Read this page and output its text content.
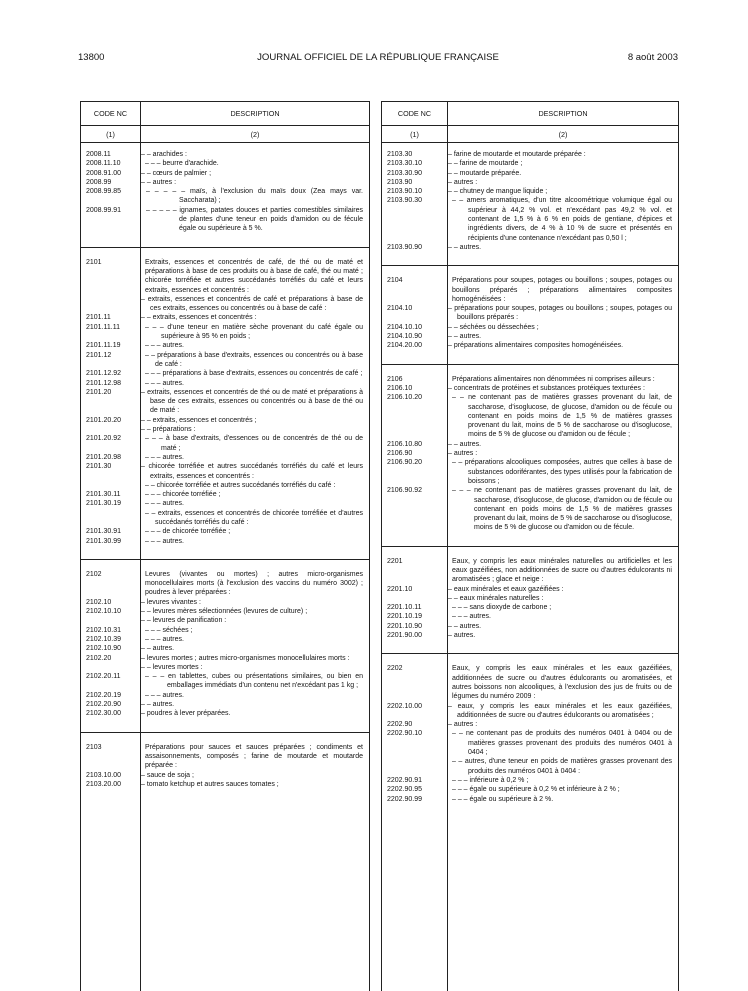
13800	JOURNAL OFFICIEL DE LA RÉPUBLIQUE FRANÇAISE	8 août 2003
CODE NC	DESCRIPTION
(1)	(2)
2008.11	– – arachides :
2008.11.10	– – – beurre d'arachide.
2008.91.00	– – cœurs de palmier ;
2008.99	– – autres :
2008.99.85	– – – – – maïs, à l'exclusion du maïs doux (Zea mays var. Saccharata) ;
2008.99.91	– – – – – ignames, patates douces et parties comestibles similaires de plantes d'une teneur en poids d'amidon ou de fécule égale ou supérieure à 5 %.
2101	Extraits, essences et concentrés de café, de thé ou de maté et préparations à base de ces produits ou à base de café, thé ou maté ; chicorée torréfiée et autres succédanés torréfiés du café et leurs extraits, essences et concentrés :
– extraits, essences et concentrés de café et préparations à base de ces extraits, essences ou concentrés ou à base de café :
2101.11	– – extraits, essences et concentrés :
2101.11.11	– – – d'une teneur en matière sèche provenant du café égale ou supérieure à 95 % en poids ;
2101.11.19	– – – autres.
2101.12	– – préparations à base d'extraits, essences ou concentrés ou à base de café :
2101.12.92	– – – préparations à base d'extraits, essences ou concentrés de café ;
2101.12.98	– – – autres.
2101.20	– extraits, essences et concentrés de thé ou de maté et préparations à base de ces extraits, essences ou concentrés ou à base de thé ou de maté :
2101.20.20	– – extraits, essences et concentrés ;
– – préparations :
2101.20.92	– – – à base d'extraits, d'essences ou de concentrés de thé ou de maté ;
2101.20.98	– – – autres.
2101.30	– chicorée torréfiée et autres succédanés torréfiés du café et leurs extraits, essences et concentrés :
– – chicorée torréfiée et autres succédanés torréfiés du café :
2101.30.11	– – – chicorée torréfiée ;
2101.30.19	– – – autres.
– – extraits, essences et concentrés de chicorée torréfiée et d'autres succédanés torréfiés du café :
2101.30.91	– – – de chicorée torréfiée ;
2101.30.99	– – – autres.
2102	Levures (vivantes ou mortes) ; autres micro-organismes monocellulaires morts (à l'exclusion des vaccins du numéro 3002) ; poudres à lever préparées :
2102.10	– levures vivantes :
2102.10.10	– – levures mères sélectionnées (levures de culture) ;
– – levures de panification :
2102.10.31	– – – séchées ;
2102.10.39	– – – autres.
2102.10.90	– – autres.
2102.20	– levures mortes ; autres micro-organismes monocellulaires morts :
– – levures mortes :
2102.20.11	– – – en tablettes, cubes ou présentations similaires, ou bien en emballages immédiats d'un contenu net n'excédant pas 1 kg ;
2102.20.19	– – – autres.
2102.20.90	– – autres.
2102.30.00	– poudres à lever préparées.
2103	Préparations pour sauces et sauces préparées ; condiments et assaisonnements, composés ; farine de moutarde et moutarde préparée :
2103.10.00	– sauce de soja ;
2103.20.00	– tomato ketchup et autres sauces tomates ;
CODE NC	DESCRIPTION
(1)	(2)
2103.30	– farine de moutarde et moutarde préparée :
2103.30.10	– – farine de moutarde ;
2103.30.90	– – moutarde préparée.
2103.90	– autres :
2103.90.10	– – chutney de mangue liquide ;
2103.90.30	– – amers aromatiques, d'un titre alcoométrique volumique égal ou supérieur à 44,2 % vol. et n'excédant pas 49,2 % vol. et contenant de 1,5 % à 6 % en poids de gentiane, d'épices et ingrédients divers, de 4 % à 10 % de sucre et présentés en récipients d'une contenance n'excédant pas 0,50 l ;
2103.90.90	– – autres.
2104	Préparations pour soupes, potages ou bouillons ; soupes, potages ou bouillons préparés ; préparations alimentaires composites homogénéisées :
2104.10	– préparations pour soupes, potages ou bouillons ; soupes, potages ou bouillons préparés :
2104.10.10	– – séchées ou déssechées ;
2104.10.90	– – autres.
2104.20.00	– préparations alimentaires composites homogénéisées.
2106	Préparations alimentaires non dénommées ni comprises ailleurs :
2106.10	– concentrats de protéines et substances protéiques texturées :
2106.10.20	– – ne contenant pas de matières grasses provenant du lait, de saccharose, d'isoglucose, de glucose, d'amidon ou de fécule ou contenant en poids moins de 1,5 % de matières grasses provenant du lait, moins de 5 % de saccharose ou d'isoglucose, moins de 5 % de glucose ou d'amidon ou de fécule ;
2106.10.80	– – autres.
2106.90	– autres :
2106.90.20	– – préparations alcooliques composées, autres que celles à base de substances odoriférantes, des types utilisés pour la fabrication de boissons ;
2106.90.92	– – – ne contenant pas de matières grasses provenant du lait, de saccharose, d'isoglucose, de glucose, d'amidon ou de fécule ou contenant en poids moins de 1,5 % de matières grasses provenant du lait, moins de 5 % de saccharose ou d'isoglucose, moins de 5 % de glucose ou d'amidon ou de fécule.
2201	Eaux, y compris les eaux minérales naturelles ou artificielles et les eaux gazéifiées, non additionnées de sucre ou d'autres édulcorants ni aromatisées ; glace et neige :
2201.10	– eaux minérales et eaux gazéifiées :
– – eaux minérales naturelles :
2201.10.11	– – – sans dioxyde de carbone ;
2201.10.19	– – – autres.
2201.10.90	– – autres.
2201.90.00	– autres.
2202	Eaux, y compris les eaux minérales et les eaux gazéifiées, additionnées de sucre ou d'autres édulcorants ou aromatisées, et autres boissons non alcooliques, à l'exclusion des jus de fruits ou de légumes du numéro 2009 :
2202.10.00	– eaux, y compris les eaux minérales et les eaux gazéifiées, additionnées de sucre ou d'autres édulcorants ou aromatisées ;
2202.90	– autres :
2202.90.10	– – ne contenant pas de produits des numéros 0401 à 0404 ou de matières grasses provenant des produits des numéros 0401 à 0404 ;
– – autres, d'une teneur en poids de matières grasses provenant des produits des numéros 0401 à 0404 :
2202.90.91	– – – inférieure à 0,2 % ;
2202.90.95	– – – égale ou supérieure à 0,2 % et inférieure à 2 % ;
2202.90.99	– – – égale ou supérieure à 2 %.
